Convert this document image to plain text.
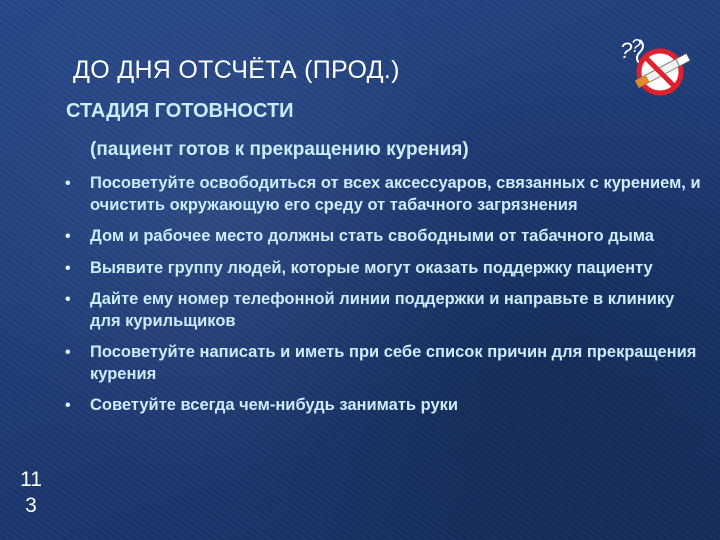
ДО ДНЯ ОТСЧЁТА (ПРОД.)
?
?
СТАДИЯ ГОТОВНОСТИ
(пациент готов к прекращению курения)
• Посоветуйте освободиться от всех аксессуаров, связанных с курением, и очистить окружающую его среду от табачного загрязнения
• Дом и рабочее место должны стать свободными от табачного дыма
• Выявите группу людей, которые могут оказать поддержку пациенту
• Дайте ему номер телефонной линии поддержки и направьте в клинику для курильщиков
• Посоветуйте написать и иметь при себе список причин для прекращения курения
• Советуйте всегда чем-нибудь занимать руки
11
3
